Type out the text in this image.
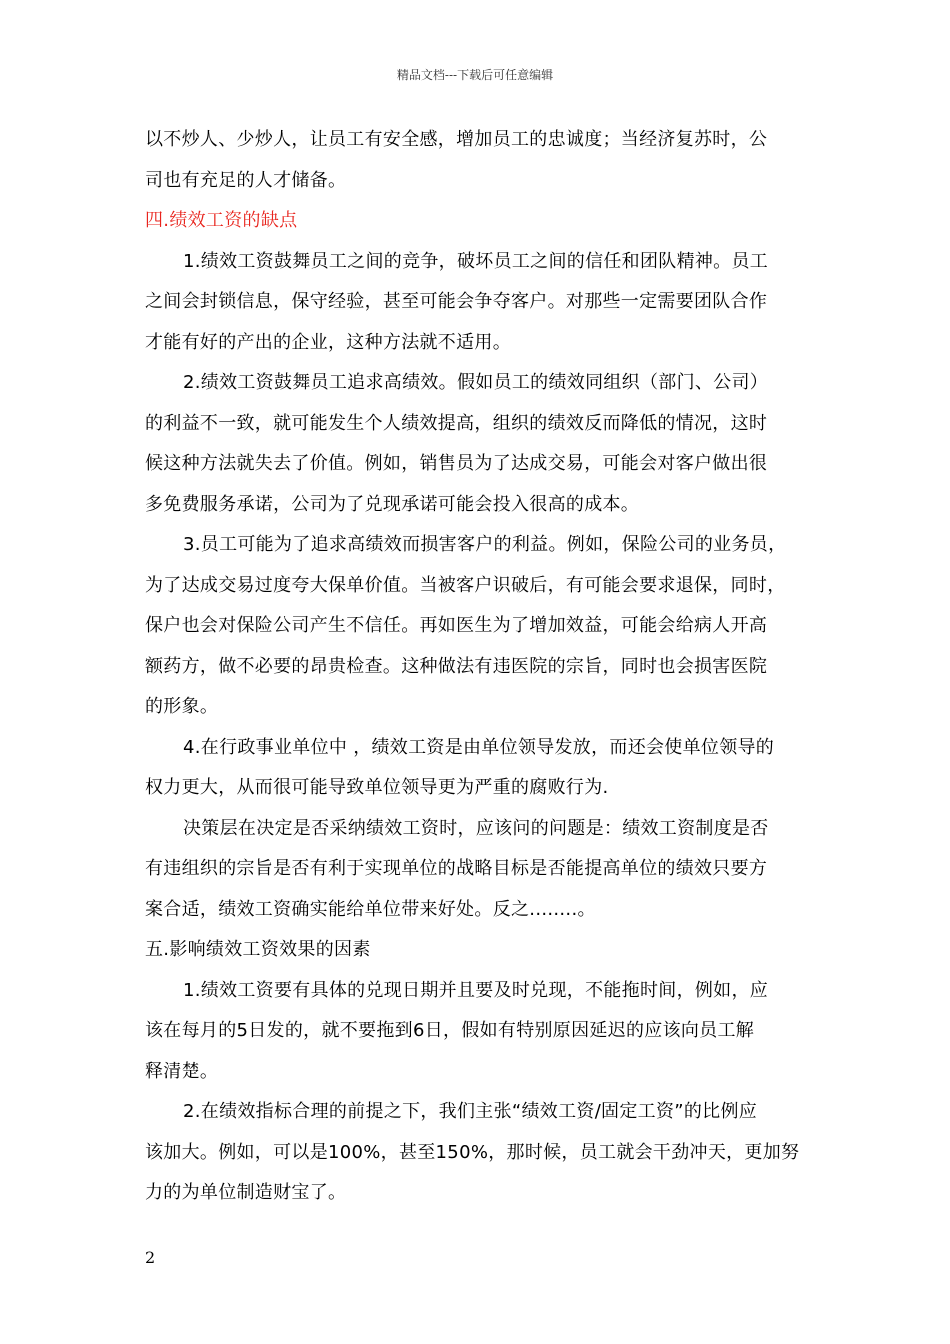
精品文档---下载后可任意编辑
以不炒人、少炒人，让员工有安全感，增加员工的忠诚度；当经济复苏时，公
司也有充足的人才储备。
四.绩效工资的缺点
1.绩效工资鼓舞员工之间的竞争，破坏员工之间的信任和团队精神。员工
之间会封锁信息，保守经验，甚至可能会争夺客户。对那些一定需要团队合作
才能有好的产出的企业，这种方法就不适用。
2.绩效工资鼓舞员工追求高绩效。假如员工的绩效同组织（部门、公司）
的利益不一致，就可能发生个人绩效提高，组织的绩效反而降低的情况，这时
候这种方法就失去了价值。例如，销售员为了达成交易，可能会对客户做出很
多免费服务承诺，公司为了兑现承诺可能会投入很高的成本。
3.员工可能为了追求高绩效而损害客户的利益。例如，保险公司的业务员，
为了达成交易过度夸大保单价值。当被客户识破后，有可能会要求退保，同时，
保户也会对保险公司产生不信任。再如医生为了增加效益，可能会给病人开高
额药方，做不必要的昂贵检查。这种做法有违医院的宗旨，同时也会损害医院
的形象。
4.在行政事业单位中 ，绩效工资是由单位领导发放，而还会使单位领导的
权力更大，从而很可能导致单位领导更为严重的腐败行为.
决策层在决定是否采纳绩效工资时，应该问的问题是：绩效工资制度是否
有违组织的宗旨是否有利于实现单位的战略目标是否能提高单位的绩效只要方
案合适，绩效工资确实能给单位带来好处。反之........。
五.影响绩效工资效果的因素
1.绩效工资要有具体的兑现日期并且要及时兑现，不能拖时间，例如，应
该在每月的5日发的，就不要拖到6日，假如有特别原因延迟的应该向员工解
释清楚。
2.在绩效指标合理的前提之下，我们主张“绩效工资/固定工资”的比例应
该加大。例如，可以是100%，甚至150%，那时候，员工就会干劲冲天，更加努
力的为单位制造财宝了。
2
